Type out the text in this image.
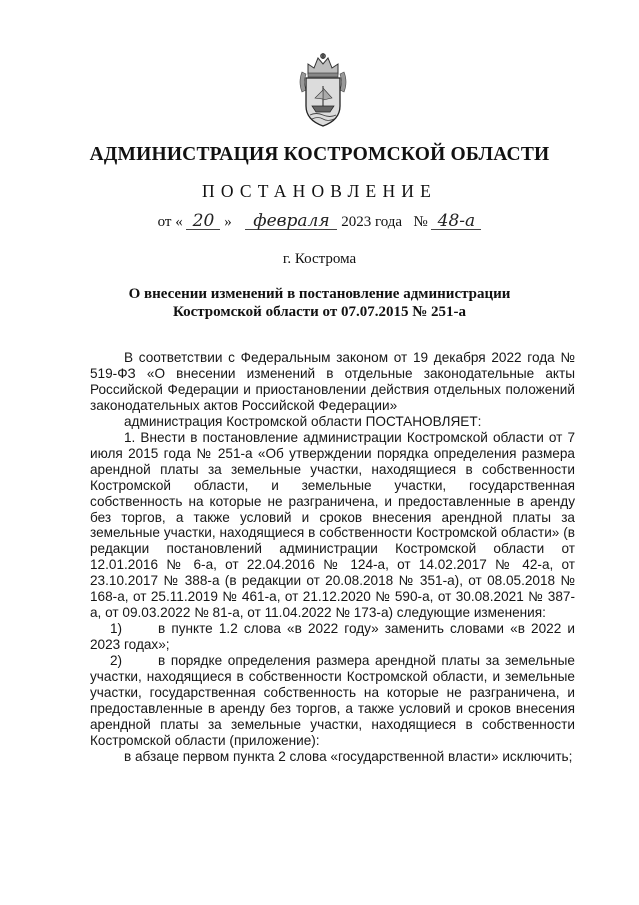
АДМИНИСТРАЦИЯ КОСТРОМСКОЙ ОБЛАСТИ
ПОСТАНОВЛЕНИЕ
от « 20 » февраля 2023 года № 48-а
г. Кострома
О внесении изменений в постановление администрации
Костромской области от 07.07.2015 № 251-а

В соответствии с Федеральным законом от 19 декабря 2022 года № 519-ФЗ «О внесении изменений в отдельные законодательные акты Российской Федерации и приостановлении действия отдельных положений законодательных актов Российской Федерации»

администрация Костромской области ПОСТАНОВЛЯЕТ:

1. Внести в постановление администрации Костромской области от 7 июля 2015 года № 251-а «Об утверждении порядка определения размера арендной платы за земельные участки, находящиеся в собственности Костромской области, и земельные участки, государственная собственность на которые не разграничена, и предоставленные в аренду без торгов, а также условий и сроков внесения арендной платы за земельные участки, находящиеся в собственности Костромской области» (в редакции постановлений администрации Костромской области от 12.01.2016 № 6-а, от 22.04.2016 № 124-а, от 14.02.2017 № 42-а, от 23.10.2017 № 388-а (в редакции от 20.08.2018 № 351-а), от 08.05.2018 № 168-а, от 25.11.2019 № 461-а, от 21.12.2020 № 590-а, от 30.08.2021 № 387-а, от 09.03.2022 № 81-а, от 11.04.2022 № 173-а) следующие изменения:

1)	в пункте 1.2 слова «в 2022 году» заменить словами «в 2022 и 2023 годах»;

2)	в порядке определения размера арендной платы за земельные участки, находящиеся в собственности Костромской области, и земельные участки, государственная собственность на которые не разграничена, и предоставленные в аренду без торгов, а также условий и сроков внесения арендной платы за земельные участки, находящиеся в собственности Костромской области (приложение):

в абзаце первом пункта 2 слова «государственной власти» исключить;
